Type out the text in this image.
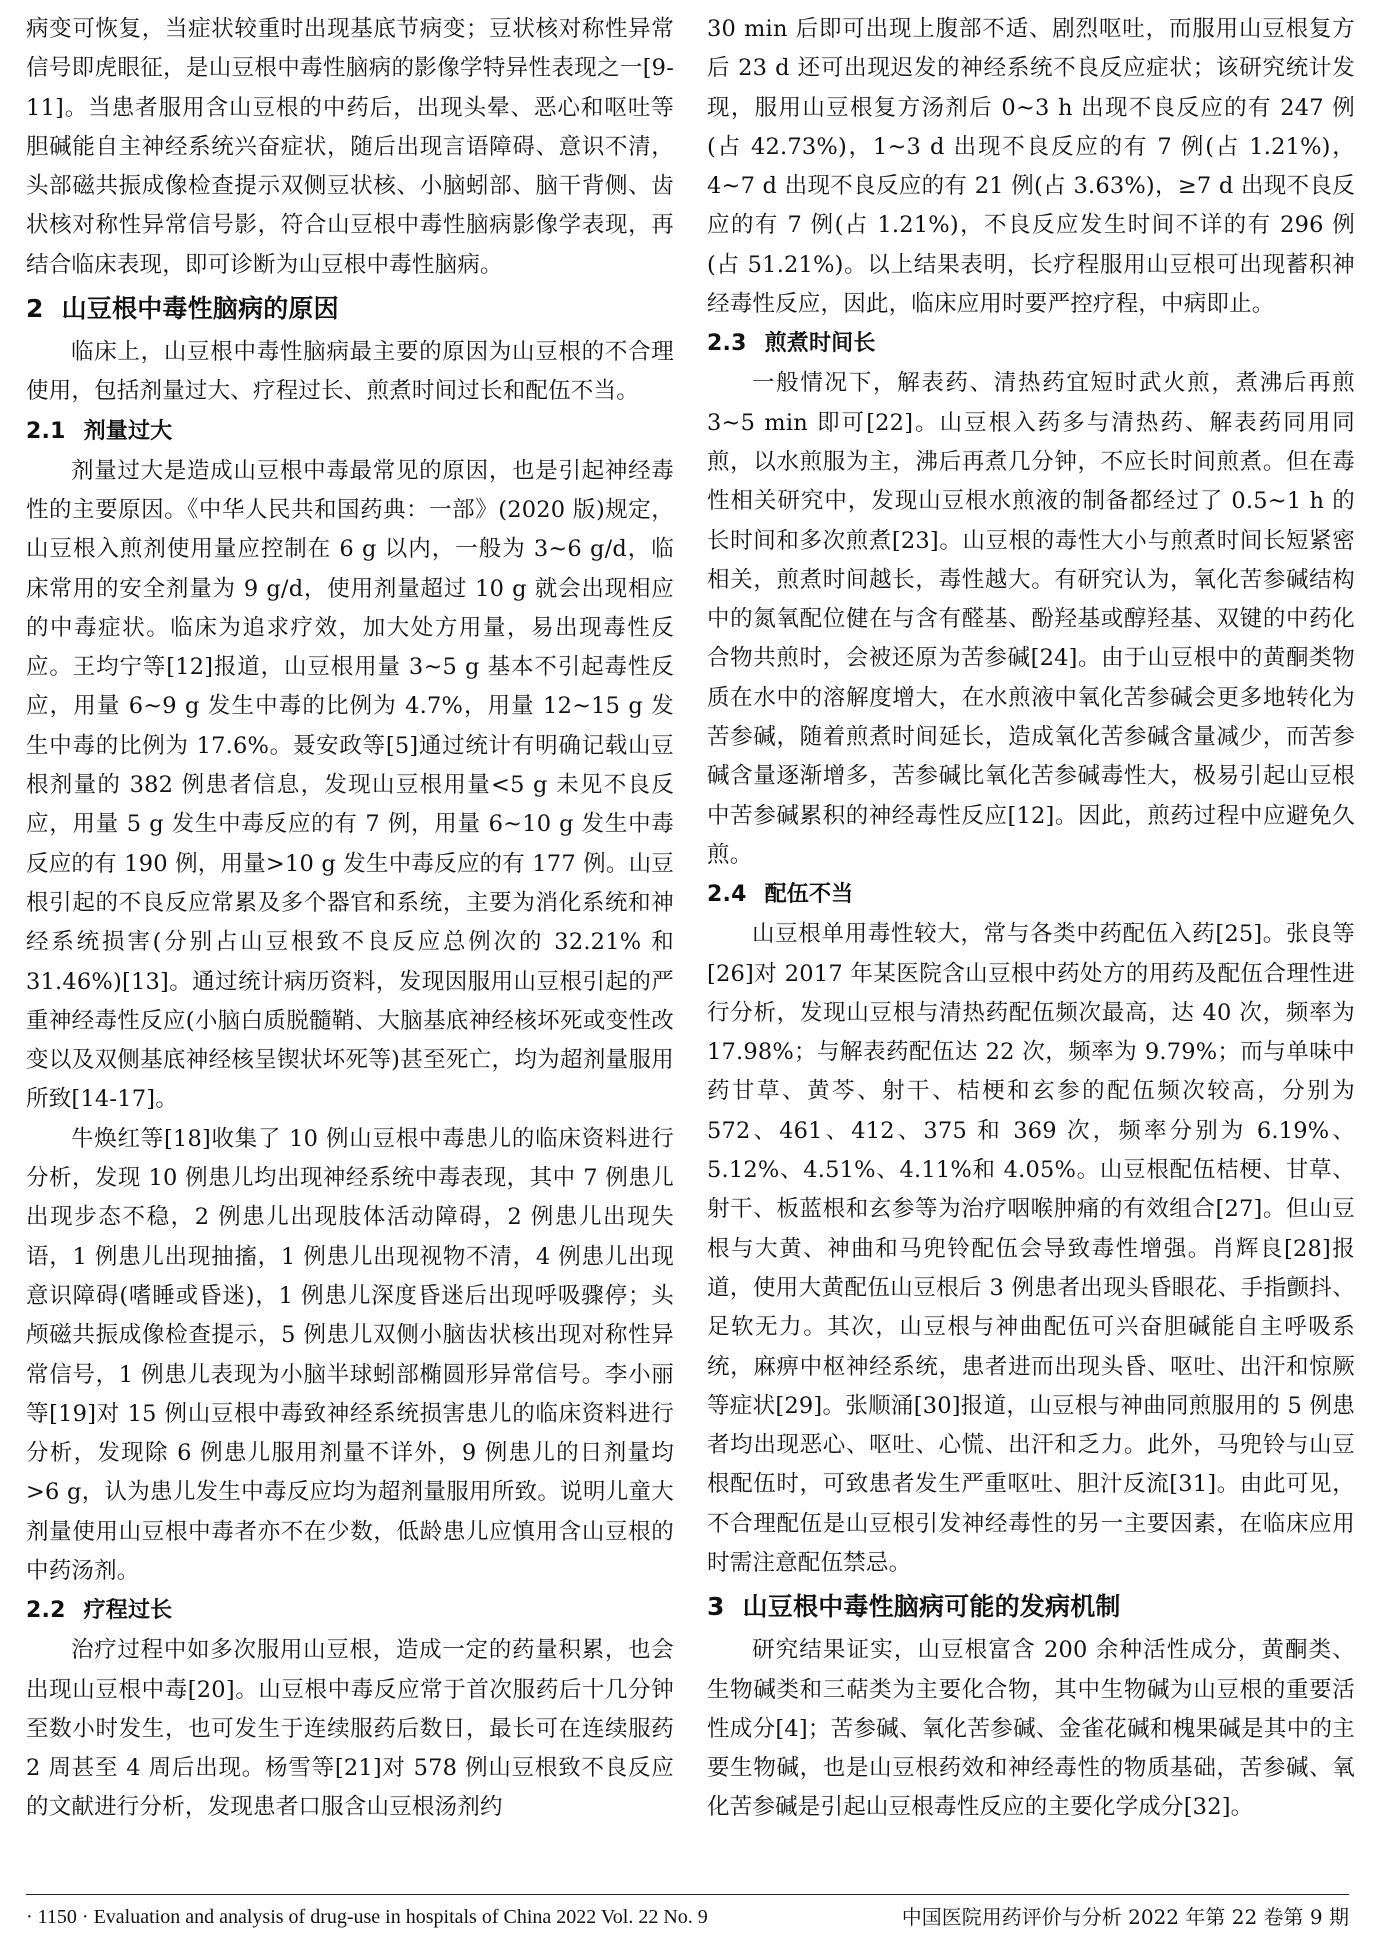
病变可恢复，当症状较重时出现基底节病变；豆状核对称性异常信号即虎眼征，是山豆根中毒性脑病的影像学特异性表现之一[9-11]。当患者服用含山豆根的中药后，出现头晕、恶心和呕吐等胆碱能自主神经系统兴奋症状，随后出现言语障碍、意识不清，头部磁共振成像检查提示双侧豆状核、小脑蚓部、脑干背侧、齿状核对称性异常信号影，符合山豆根中毒性脑病影像学表现，再结合临床表现，即可诊断为山豆根中毒性脑病。

2 山豆根中毒性脑病的原因

临床上，山豆根中毒性脑病最主要的原因为山豆根的不合理使用，包括剂量过大、疗程过长、煎煮时间过长和配伍不当。

2.1 剂量过大

剂量过大是造成山豆根中毒最常见的原因，也是引起神经毒性的主要原因。《中华人民共和国药典：一部》(2020 版)规定，山豆根入煎剂使用量应控制在 6 g 以内，一般为 3~6 g/d，临床常用的安全剂量为 9 g/d，使用剂量超过 10 g 就会出现相应的中毒症状。临床为追求疗效，加大处方用量，易出现毒性反应。王均宁等[12]报道，山豆根用量 3~5 g 基本不引起毒性反应，用量 6~9 g 发生中毒的比例为 4.7%，用量 12~15 g 发生中毒的比例为 17.6%。聂安政等[5]通过统计有明确记载山豆根剂量的 382 例患者信息，发现山豆根用量<5 g 未见不良反应，用量 5 g 发生中毒反应的有 7 例，用量 6~10 g 发生中毒反应的有 190 例，用量>10 g 发生中毒反应的有 177 例。山豆根引起的不良反应常累及多个器官和系统，主要为消化系统和神经系统损害(分别占山豆根致不良反应总例次的 32.21% 和 31.46%)[13]。通过统计病历资料，发现因服用山豆根引起的严重神经毒性反应(小脑白质脱髓鞘、大脑基底神经核坏死或变性改变以及双侧基底神经核呈锲状坏死等)甚至死亡，均为超剂量服用所致[14-17]。

牛焕红等[18]收集了 10 例山豆根中毒患儿的临床资料进行分析，发现 10 例患儿均出现神经系统中毒表现，其中 7 例患儿出现步态不稳，2 例患儿出现肢体活动障碍，2 例患儿出现失语，1 例患儿出现抽搐，1 例患儿出现视物不清，4 例患儿出现意识障碍(嗜睡或昏迷)，1 例患儿深度昏迷后出现呼吸骤停；头颅磁共振成像检查提示，5 例患儿双侧小脑齿状核出现对称性异常信号，1 例患儿表现为小脑半球蚓部椭圆形异常信号。李小丽等[19]对 15 例山豆根中毒致神经系统损害患儿的临床资料进行分析，发现除 6 例患儿服用剂量不详外，9 例患儿的日剂量均>6 g，认为患儿发生中毒反应均为超剂量服用所致。说明儿童大剂量使用山豆根中毒者亦不在少数，低龄患儿应慎用含山豆根的中药汤剂。

2.2 疗程过长

治疗过程中如多次服用山豆根，造成一定的药量积累，也会出现山豆根中毒[20]。山豆根中毒反应常于首次服药后十几分钟至数小时发生，也可发生于连续服药后数日，最长可在连续服药 2 周甚至 4 周后出现。杨雪等[21]对 578 例山豆根致不良反应的文献进行分析，发现患者口服含山豆根汤剂约

30 min 后即可出现上腹部不适、剧烈呕吐，而服用山豆根复方后 23 d 还可出现迟发的神经系统不良反应症状；该研究统计发现，服用山豆根复方汤剂后 0~3 h 出现不良反应的有 247 例(占 42.73%)，1~3 d 出现不良反应的有 7 例(占 1.21%)，4~7 d 出现不良反应的有 21 例(占 3.63%)，≥7 d 出现不良反应的有 7 例(占 1.21%)，不良反应发生时间不详的有 296 例(占 51.21%)。以上结果表明，长疗程服用山豆根可出现蓄积神经毒性反应，因此，临床应用时要严控疗程，中病即止。

2.3 煎煮时间长

一般情况下，解表药、清热药宜短时武火煎，煮沸后再煎 3~5 min 即可[22]。山豆根入药多与清热药、解表药同用同煎，以水煎服为主，沸后再煮几分钟，不应长时间煎煮。但在毒性相关研究中，发现山豆根水煎液的制备都经过了 0.5~1 h 的长时间和多次煎煮[23]。山豆根的毒性大小与煎煮时间长短紧密相关，煎煮时间越长，毒性越大。有研究认为，氧化苦参碱结构中的氮氧配位健在与含有醛基、酚羟基或醇羟基、双键的中药化合物共煎时，会被还原为苦参碱[24]。由于山豆根中的黄酮类物质在水中的溶解度增大，在水煎液中氧化苦参碱会更多地转化为苦参碱，随着煎煮时间延长，造成氧化苦参碱含量减少，而苦参碱含量逐渐增多，苦参碱比氧化苦参碱毒性大，极易引起山豆根中苦参碱累积的神经毒性反应[12]。因此，煎药过程中应避免久煎。

2.4 配伍不当

山豆根单用毒性较大，常与各类中药配伍入药[25]。张良等[26]对 2017 年某医院含山豆根中药处方的用药及配伍合理性进行分析，发现山豆根与清热药配伍频次最高，达 40 次，频率为 17.98%；与解表药配伍达 22 次，频率为 9.79%；而与单味中药甘草、黄芩、射干、桔梗和玄参的配伍频次较高，分别为 572、461、412、375 和 369 次，频率分别为 6.19%、5.12%、4.51%、4.11%和 4.05%。山豆根配伍桔梗、甘草、射干、板蓝根和玄参等为治疗咽喉肿痛的有效组合[27]。但山豆根与大黄、神曲和马兜铃配伍会导致毒性增强。肖辉良[28]报道，使用大黄配伍山豆根后 3 例患者出现头昏眼花、手指颤抖、足软无力。其次，山豆根与神曲配伍可兴奋胆碱能自主呼吸系统，麻痹中枢神经系统，患者进而出现头昏、呕吐、出汗和惊厥等症状[29]。张顺涌[30]报道，山豆根与神曲同煎服用的 5 例患者均出现恶心、呕吐、心慌、出汗和乏力。此外，马兜铃与山豆根配伍时，可致患者发生严重呕吐、胆汁反流[31]。由此可见，不合理配伍是山豆根引发神经毒性的另一主要因素，在临床应用时需注意配伍禁忌。

3 山豆根中毒性脑病可能的发病机制

研究结果证实，山豆根富含 200 余种活性成分，黄酮类、生物碱类和三萜类为主要化合物，其中生物碱为山豆根的重要活性成分[4]；苦参碱、氧化苦参碱、金雀花碱和槐果碱是其中的主要生物碱，也是山豆根药效和神经毒性的物质基础，苦参碱、氧化苦参碱是引起山豆根毒性反应的主要化学成分[32]。

· 1150 · Evaluation and analysis of drug-use in hospitals of China 2022 Vol. 22 No. 9	中国医院用药评价与分析 2022 年第 22 卷第 9 期
